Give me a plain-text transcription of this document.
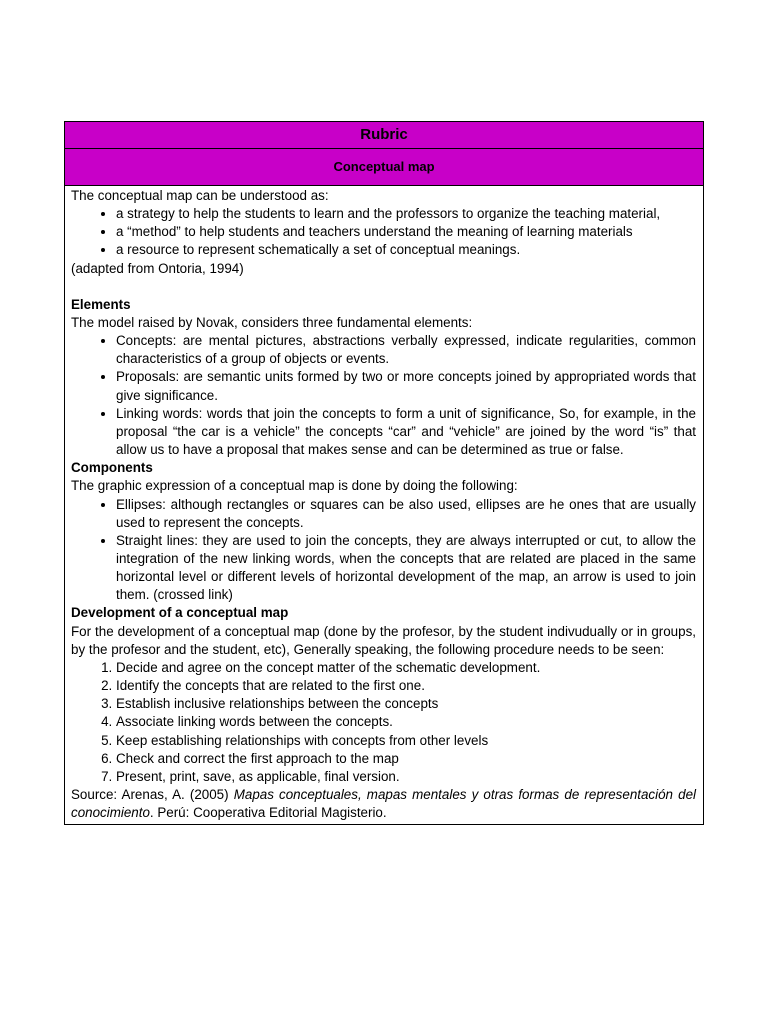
Rubric
Conceptual map

The conceptual map can be understood as:

• a strategy to help the students to learn and the professors to organize the teaching material,
• a “method” to help students and teachers understand the meaning of learning materials
• a resource to represent schematically a set of conceptual meanings.

(adapted from Ontoria, 1994)

Elements

The model raised by Novak, considers three fundamental elements:

• Concepts: are mental pictures, abstractions verbally expressed, indicate regularities, common characteristics of a group of objects or events.
• Proposals: are semantic units formed by two or more concepts joined by appropriated words that give significance.
• Linking words: words that join the concepts to form a unit of significance, So, for example, in the proposal “the car is a vehicle” the concepts “car” and “vehicle” are joined by the word “is” that allow us to have a proposal that makes sense and can be determined as true or false.

Components

The graphic expression of a conceptual map is done by doing the following:

• Ellipses: although rectangles or squares can be also used, ellipses are he ones that are usually used to represent the concepts.
• Straight lines: they are used to join the concepts, they are always interrupted or cut, to allow the integration of the new linking words, when the concepts that are related are placed in the same horizontal level or different levels of horizontal development of the map, an arrow is used to join them. (crossed link)

Development of a conceptual map

For the development of a conceptual map (done by the profesor, by the student indivudually or in groups, by the profesor and the student, etc), Generally speaking, the following procedure needs to be seen:

1. Decide and agree on the concept matter of the schematic development.
2. Identify the concepts that are related to the first one.
3. Establish inclusive relationships between the concepts
4. Associate linking words between the concepts.
5. Keep establishing relationships with concepts from other levels
6. Check and correct the first approach to the map
7. Present, print, save, as applicable, final version.

Source: Arenas, A. (2005) Mapas conceptuales, mapas mentales y otras formas de representación del conocimiento. Perú: Cooperativa Editorial Magisterio.
